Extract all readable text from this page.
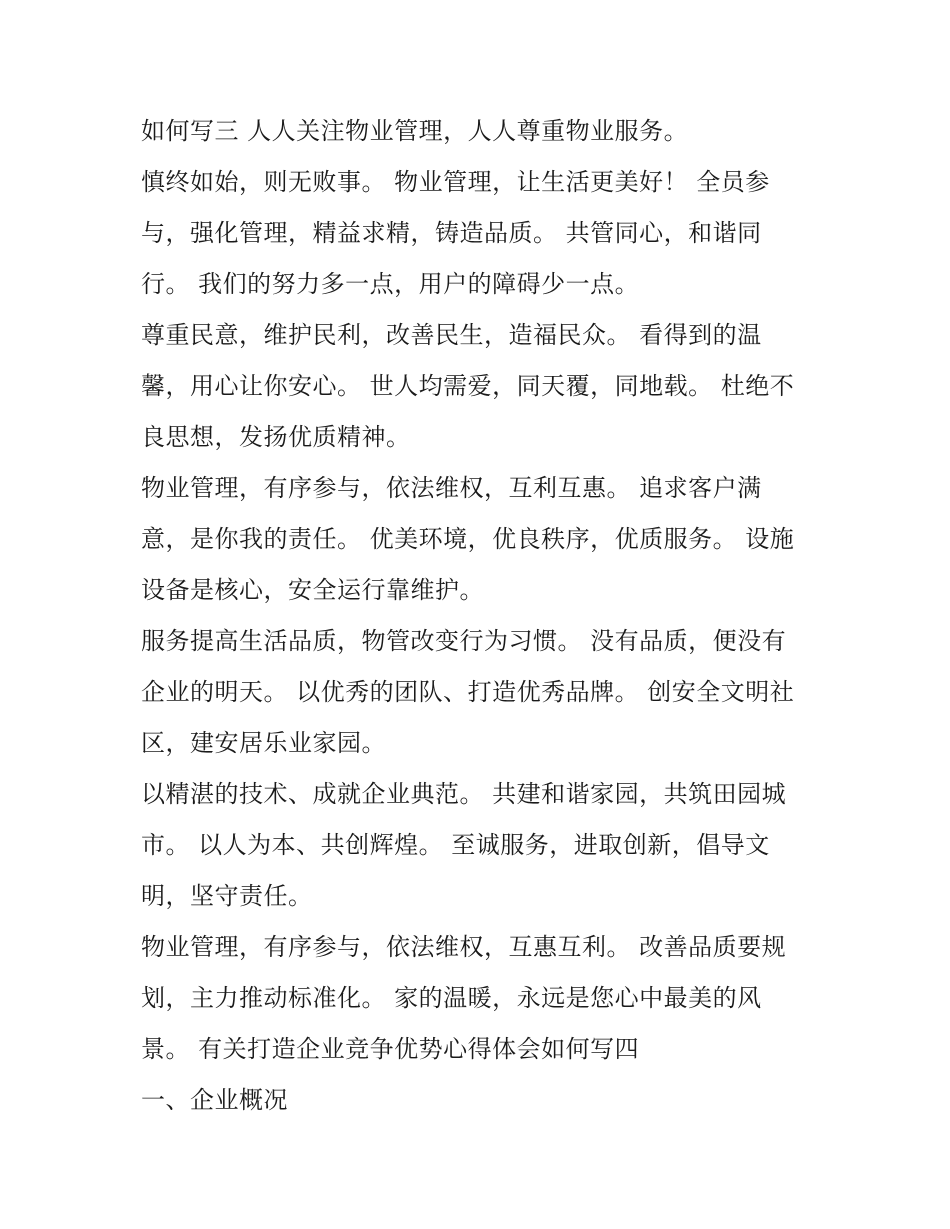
如何写三 人人关注物业管理，人人尊重物业服务。
慎终如始，则无败事。 物业管理，让生活更美好！ 全员参
与，强化管理，精益求精，铸造品质。 共管同心，和谐同
行。 我们的努力多一点，用户的障碍少一点。
尊重民意，维护民利，改善民生，造福民众。 看得到的温
馨，用心让你安心。 世人均需爱，同天覆，同地载。 杜绝不
良思想，发扬优质精神。
物业管理，有序参与，依法维权，互利互惠。 追求客户满
意，是你我的责任。 优美环境，优良秩序，优质服务。 设施
设备是核心，安全运行靠维护。
服务提高生活品质，物管改变行为习惯。 没有品质，便没有
企业的明天。 以优秀的团队、打造优秀品牌。 创安全文明社
区，建安居乐业家园。
以精湛的技术、成就企业典范。 共建和谐家园，共筑田园城
市。 以人为本、共创辉煌。 至诚服务，进取创新，倡导文
明，坚守责任。
物业管理，有序参与，依法维权，互惠互利。 改善品质要规
划，主力推动标准化。 家的温暖，永远是您心中最美的风
景。 有关打造企业竞争优势心得体会如何写四
一、企业概况
